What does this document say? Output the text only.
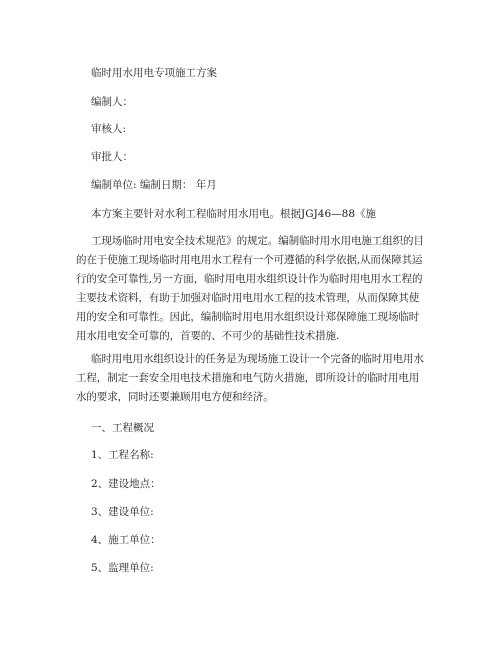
临时用水用电专项施工方案
编制人：
审核人:
审批人：
编制单位: 编制日期： 年月
本方案主要针对水利工程临时用水用电。根据JGJ46—88《施
工现场临时用电安全技术规范》的规定。编制临时用水用电施工组织的目的在于使施工现场临时用电用水工程有一个可遵循的科学依据,从而保障其运行的安全可靠性,另一方面，临时用电用水组织设计作为临时用电用水工程的主要技术资料，有助于加强对临时用电用水工程的技术管理，从而保障其使用的安全和可靠性。因此，编制临时用电用水组织设计郑保障施工现场临时用水用电安全可靠的，首要的、不可少的基础性技术措施.
临时用电用水组织设计的任务是为现场施工设计一个完备的临时用电用水工程，制定一套安全用电技术措施和电气防火措施，即所设计的临时用电用水的要求，同时还要兼顾用电方便和经济。
一、工程概况
1、工程名称:
2、建设地点：
3、建设单位:
4、施工单位：
5、监理单位:
